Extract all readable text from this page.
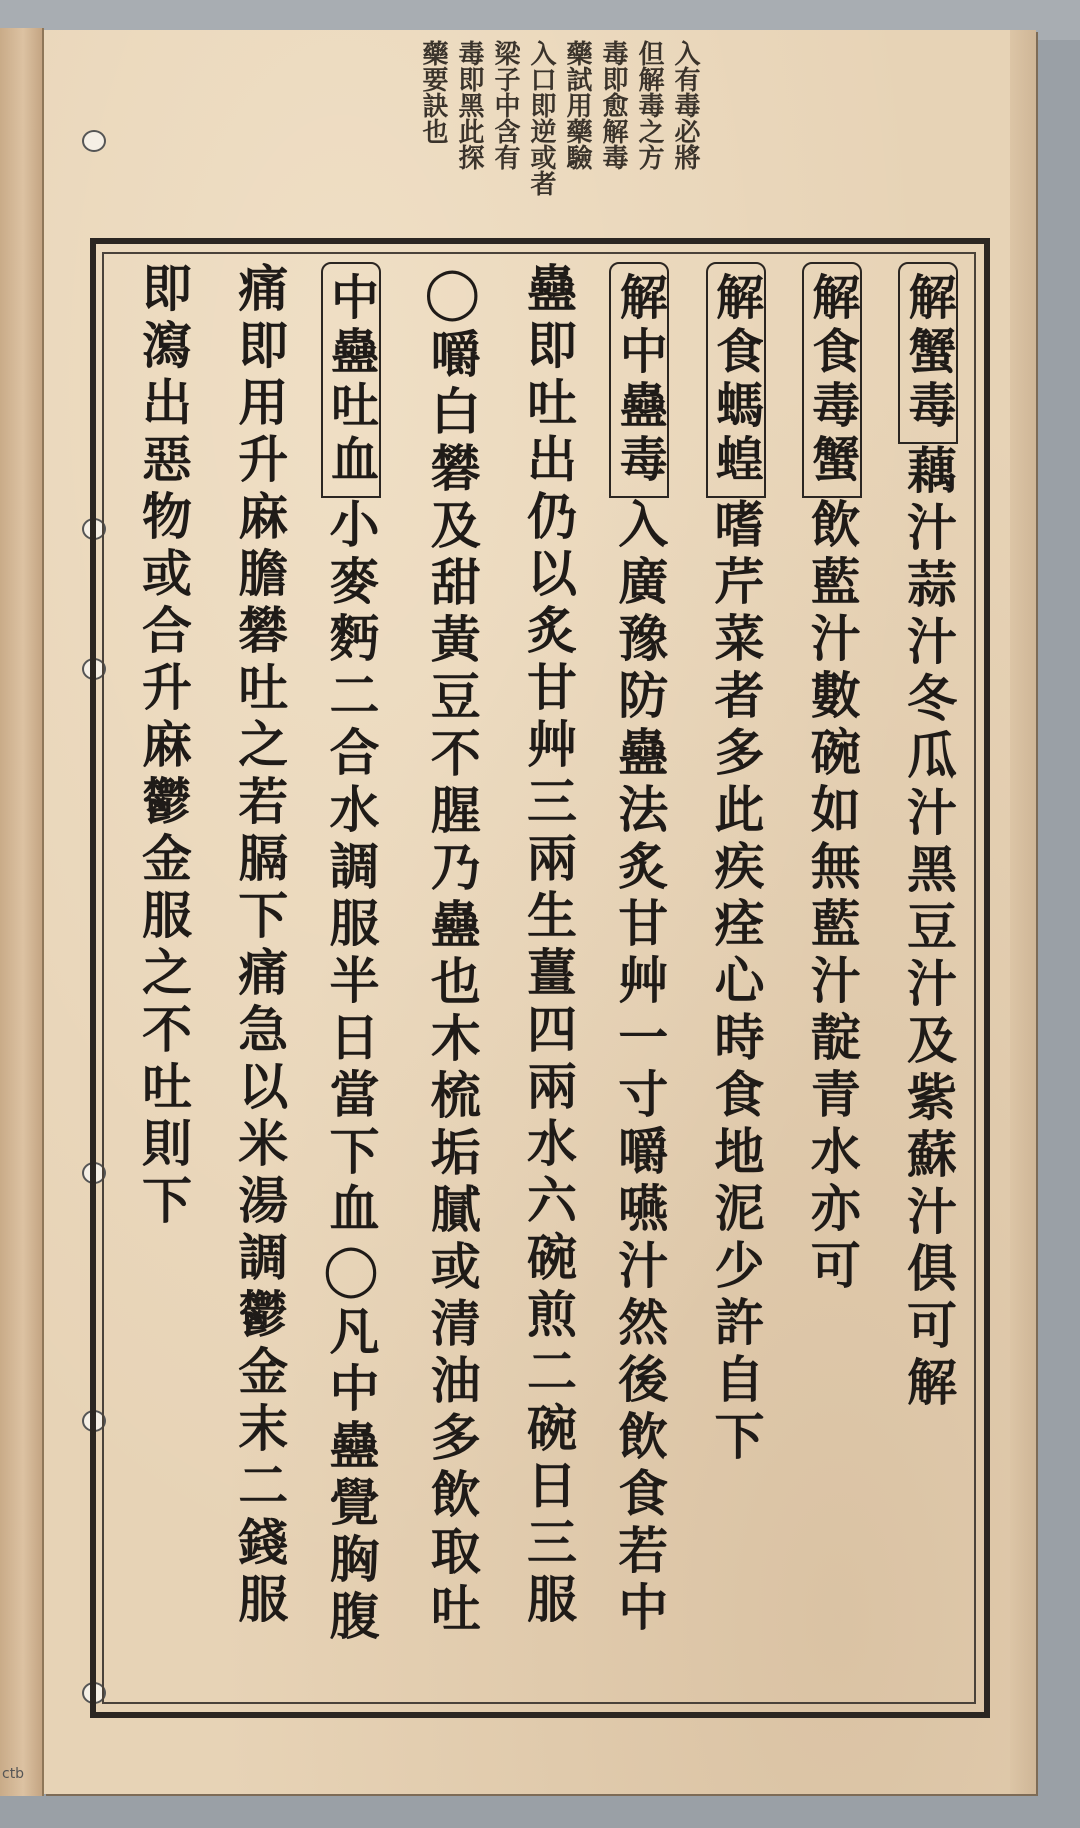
ctb
入有毒必將
但解毒之方
毒即愈解毒
藥試用藥驗
入口即逆或者
梁子中含有
毒即黑此探
藥要訣也
解蟹毒藕汁蒜汁冬瓜汁黑豆汁及紫蘇汁俱可解
解食毒蟹飲藍汁數碗如無藍汁靛青水亦可
解食螞蝗嗜芹菜者多此疾痊心時食地泥少許自下
解中蠱毒入廣豫防蠱法炙甘艸一寸嚼嚥汁然後飲食若中
蠱即吐出仍以炙甘艸三兩生薑四兩水六碗煎二碗日三服
◯嚼白礬及甜黃豆不腥乃蠱也木梳垢膩或清油多飲取吐
中蠱吐血小麥麪二合水調服半日當下血◯凡中蠱覺胸腹
痛即用升麻膽礬吐之若膈下痛急以米湯調鬱金末二錢服
即瀉出惡物或合升麻鬱金服之不吐則下
